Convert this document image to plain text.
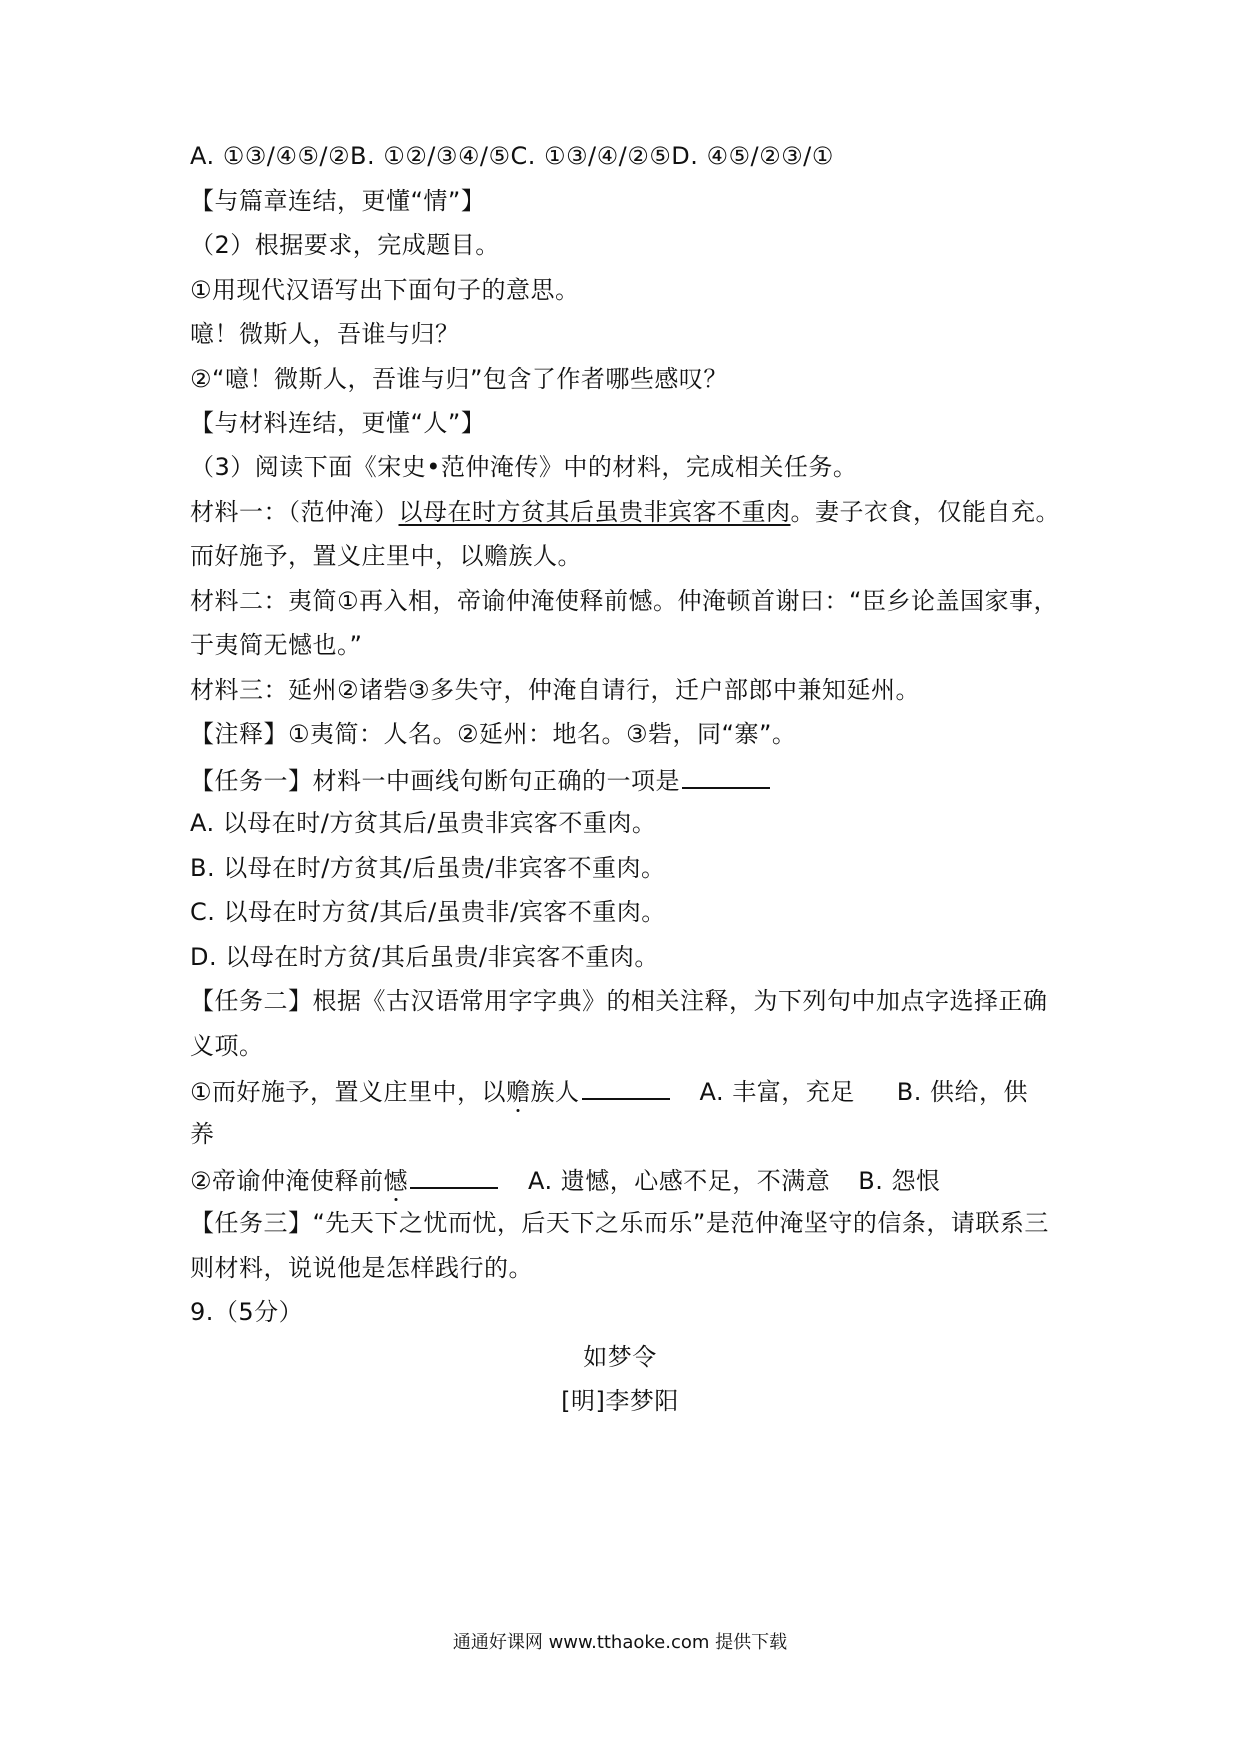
A. ①③/④⑤/②B. ①②/③④/⑤C. ①③/④/②⑤D. ④⑤/②③/①
【与篇章连结，更懂“情”】
（2）根据要求，完成题目。
①用现代汉语写出下面句子的意思。
噫！微斯人，吾谁与归？
②“噫！微斯人，吾谁与归”包含了作者哪些感叹？
【与材料连结，更懂“人”】
（3）阅读下面《宋史•范仲淹传》中的材料，完成相关任务。
材料一：（范仲淹）以母在时方贫其后虽贵非宾客不重肉。妻子衣食，仅能自充。
而好施予，置义庄里中，以赡族人。
材料二：夷简①再入相，帝谕仲淹使释前憾。仲淹顿首谢曰：“臣乡论盖国家事，
于夷简无憾也。”
材料三：延州②诸砦③多失守，仲淹自请行，迁户部郎中兼知延州。
【注释】①夷简：人名。②延州：地名。③砦，同“寨”。
【任务一】材料一中画线句断句正确的一项是
A. 以母在时/方贫其后/虽贵非宾客不重肉。
B. 以母在时/方贫其/后虽贵/非宾客不重肉。
C. 以母在时方贫/其后/虽贵非/宾客不重肉。
D. 以母在时方贫/其后虽贵/非宾客不重肉。
【任务二】根据《古汉语常用字字典》的相关注释，为下列句中加点字选择正确
义项。
①而好施予，置义庄里中，以赡族人	A. 丰富，充足 B. 供给，供
养
②帝谕仲淹使释前憾	A. 遗憾，心感不足，不满意 B. 怨恨
【任务三】“先天下之忧而忧，后天下之乐而乐”是范仲淹坚守的信条，请联系三
则材料，说说他是怎样践行的。
9.（5分）
如梦令
[明]李梦阳
通通好课网 www.tthaoke.com 提供下载
